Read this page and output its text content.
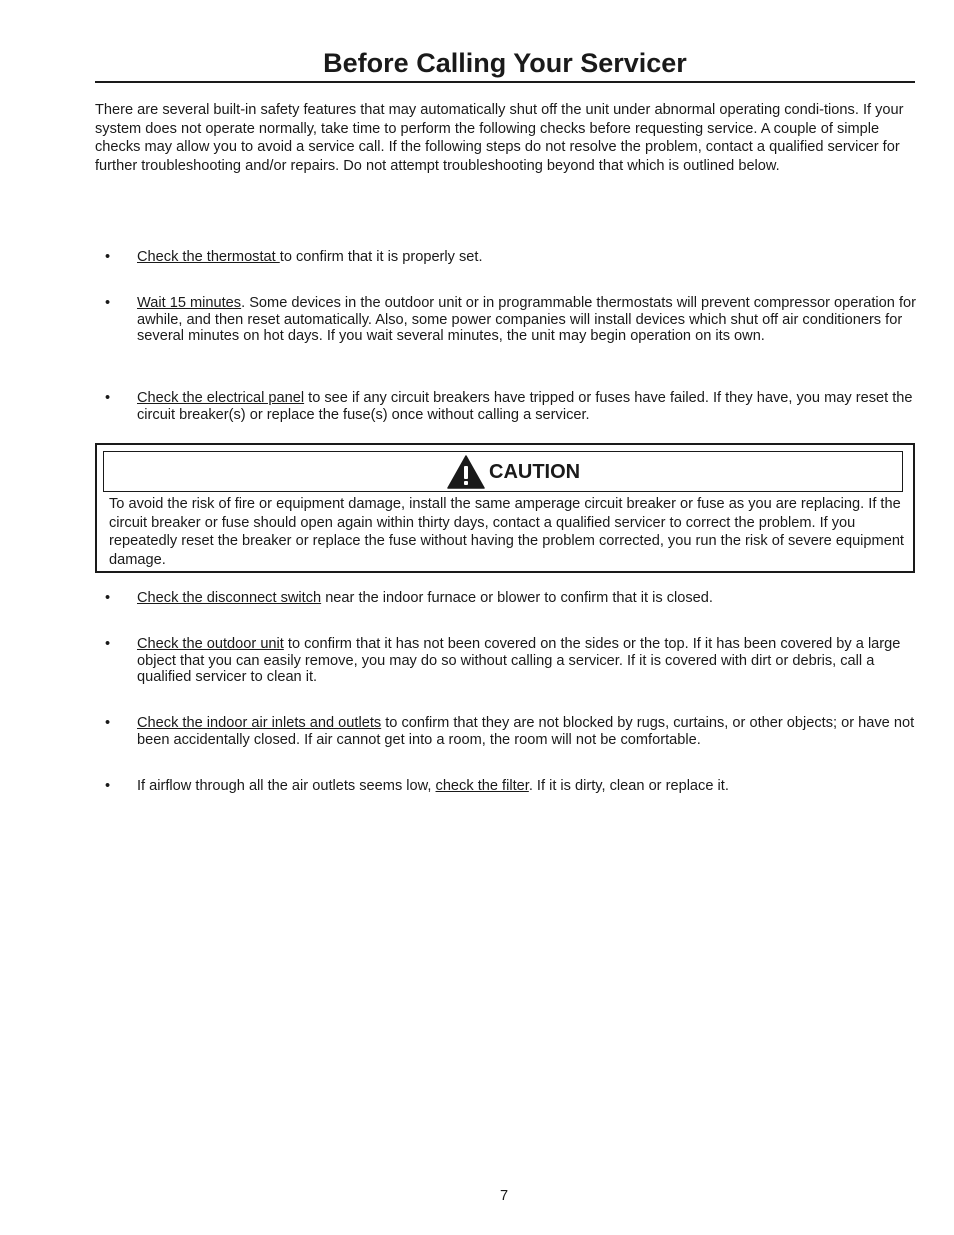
Before Calling Your Servicer

There are several built-in safety features that may automatically shut off the unit under abnormal operating condi-tions. If your system does not operate normally, take time to perform the following checks before requesting service. A couple of simple checks may allow you to avoid a service call. If the following steps do not resolve the problem, contact a qualified servicer for further troubleshooting and/or repairs. Do not attempt troubleshooting beyond that which is outlined below.

•	Check the thermostat to confirm that it is properly set.
•	Wait 15 minutes. Some devices in the outdoor unit or in programmable thermostats will prevent compressor operation for awhile, and then reset automatically. Also, some power companies will install devices which shut off air conditioners for several minutes on hot days. If you wait several minutes, the unit may begin operation on its own.
•	Check the electrical panel to see if any circuit breakers have tripped or fuses have failed. If they have, you may reset the circuit breaker(s) or replace the fuse(s) once without calling a servicer.
CAUTION
To avoid the risk of fire or equipment damage, install the same amperage circuit breaker or fuse as you are replacing. If the circuit breaker or fuse should open again within thirty days, contact a qualified servicer to correct the problem. If you repeatedly reset the breaker or replace the fuse without having the problem corrected, you run the risk of severe equipment damage.
•	Check the disconnect switch near the indoor furnace or blower to confirm that it is closed.
•	Check the outdoor unit to confirm that it has not been covered on the sides or the top. If it has been covered by a large object that you can easily remove, you may do so without calling a servicer. If it is covered with dirt or debris, call a qualified servicer to clean it.
•	Check the indoor air inlets and outlets to confirm that they are not blocked by rugs, curtains, or other objects; or have not been accidentally closed. If air cannot get into a room, the room will not be comfortable.
•	If airflow through all the air outlets seems low, check the filter. If it is dirty, clean or replace it.
7
